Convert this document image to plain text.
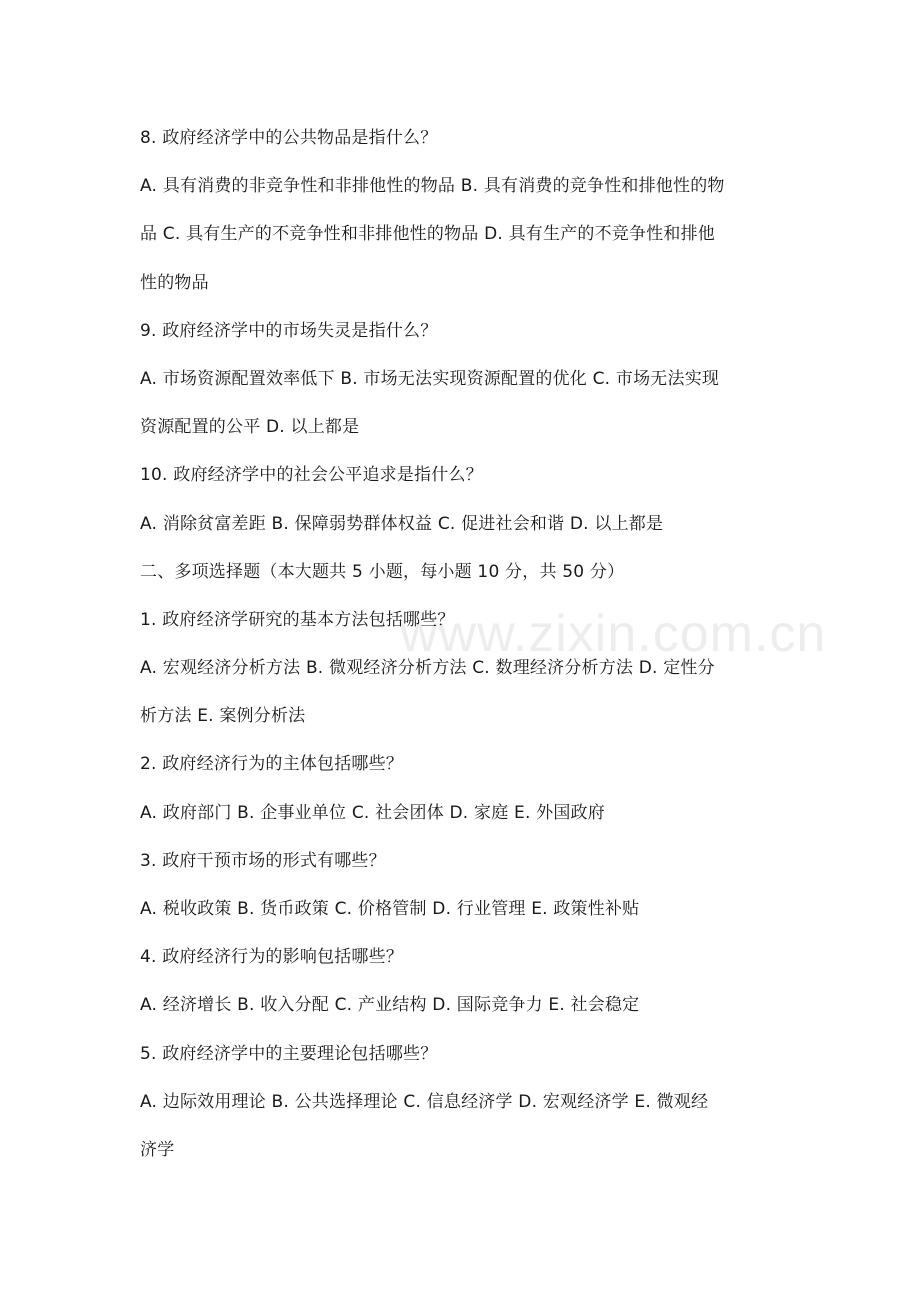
8. 政府经济学中的公共物品是指什么？
A. 具有消费的非竞争性和非排他性的物品 B. 具有消费的竞争性和排他性的物
品 C. 具有生产的不竞争性和非排他性的物品 D. 具有生产的不竞争性和排他
性的物品
9. 政府经济学中的市场失灵是指什么？
A. 市场资源配置效率低下 B. 市场无法实现资源配置的优化 C. 市场无法实现
资源配置的公平 D. 以上都是
10. 政府经济学中的社会公平追求是指什么？
A. 消除贫富差距 B. 保障弱势群体权益 C. 促进社会和谐 D. 以上都是
二、多项选择题（本大题共 5 小题，每小题 10 分，共 50 分）
1. 政府经济学研究的基本方法包括哪些？
A. 宏观经济分析方法 B. 微观经济分析方法 C. 数理经济分析方法 D. 定性分
析方法 E. 案例分析法
2. 政府经济行为的主体包括哪些？
A. 政府部门 B. 企事业单位 C. 社会团体 D. 家庭 E. 外国政府
3. 政府干预市场的形式有哪些？
A. 税收政策 B. 货币政策 C. 价格管制 D. 行业管理 E. 政策性补贴
4. 政府经济行为的影响包括哪些？
A. 经济增长 B. 收入分配 C. 产业结构 D. 国际竞争力 E. 社会稳定
5. 政府经济学中的主要理论包括哪些？
A. 边际效用理论 B. 公共选择理论 C. 信息经济学 D. 宏观经济学 E. 微观经
济学
www.zixin.com.cn
